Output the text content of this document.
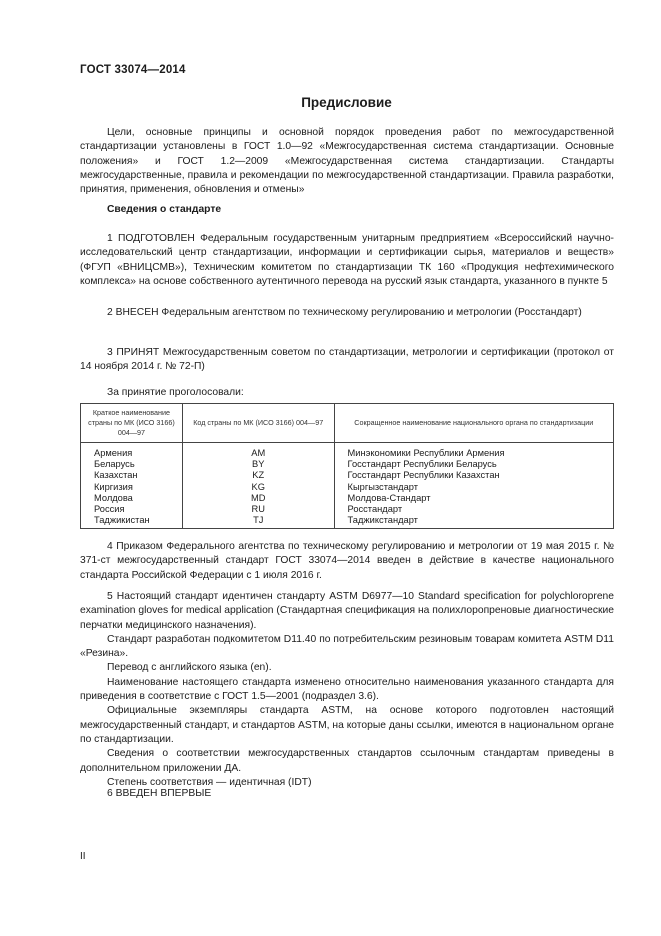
ГОСТ 33074—2014
Предисловие

Цели, основные принципы и основной порядок проведения работ по межгосударственной стандартизации установлены в ГОСТ 1.0—92 «Межгосударственная система стандартизации. Основные положения» и ГОСТ 1.2—2009 «Межгосударственная система стандартизации. Стандарты межгосударственные, правила и рекомендации по межгосударственной стандартизации. Правила разработки, принятия, применения, обновления и отмены»

Сведения о стандарте

1 ПОДГОТОВЛЕН Федеральным государственным унитарным предприятием «Всероссийский научно-исследовательский центр стандартизации, информации и сертификации сырья, материалов и веществ» (ФГУП «ВНИЦСМВ»), Техническим комитетом по стандартизации ТК 160 «Продукция нефтехимического комплекса» на основе собственного аутентичного перевода на русский язык стандарта, указанного в пункте 5

2 ВНЕСЕН Федеральным агентством по техническому регулированию и метрологии (Росстандарт)

3 ПРИНЯТ Межгосударственным советом по стандартизации, метрологии и сертификации (протокол от 14 ноября 2014 г. № 72-П)

За принятие проголосовали:
Краткое наименование страны по МК (ИСО 3166) 004—97	Код страны по МК (ИСО 3166) 004—97	Сокращенное наименование национального органа по стандартизации
Армения	AM	Минэкономики Республики Армения
Беларусь	BY	Госстандарт Республики Беларусь
Казахстан	KZ	Госстандарт Республики Казахстан
Киргизия	KG	Кыргызстандарт
Молдова	MD	Молдова-Стандарт
Россия	RU	Росстандарт
Таджикистан	TJ	Таджикстандарт

4 Приказом Федерального агентства по техническому регулированию и метрологии от 19 мая 2015 г. № 371-ст межгосударственный стандарт ГОСТ 33074—2014 введен в действие в качестве национального стандарта Российской Федерации с 1 июля 2016 г.

5 Настоящий стандарт идентичен стандарту ASTM D6977—10 Standard specification for polychloroprene examination gloves for medical application (Стандартная спецификация на полихлоропреновые диагностические перчатки медицинского назначения).

Стандарт разработан подкомитетом D11.40 по потребительским резиновым товарам комитета ASTM D11 «Резина».

Перевод с английского языка (en).

Наименование настоящего стандарта изменено относительно наименования указанного стандарта для приведения в соответствие с ГОСТ 1.5—2001 (подраздел 3.6).

Официальные экземпляры стандарта ASTM, на основе которого подготовлен настоящий межгосударственный стандарт, и стандартов ASTM, на которые даны ссылки, имеются в национальном органе по стандартизации.

Сведения о соответствии межгосударственных стандартов ссылочным стандартам приведены в дополнительном приложении ДА.

Степень соответствия — идентичная (IDT)

6 ВВЕДЕН ВПЕРВЫЕ
II
